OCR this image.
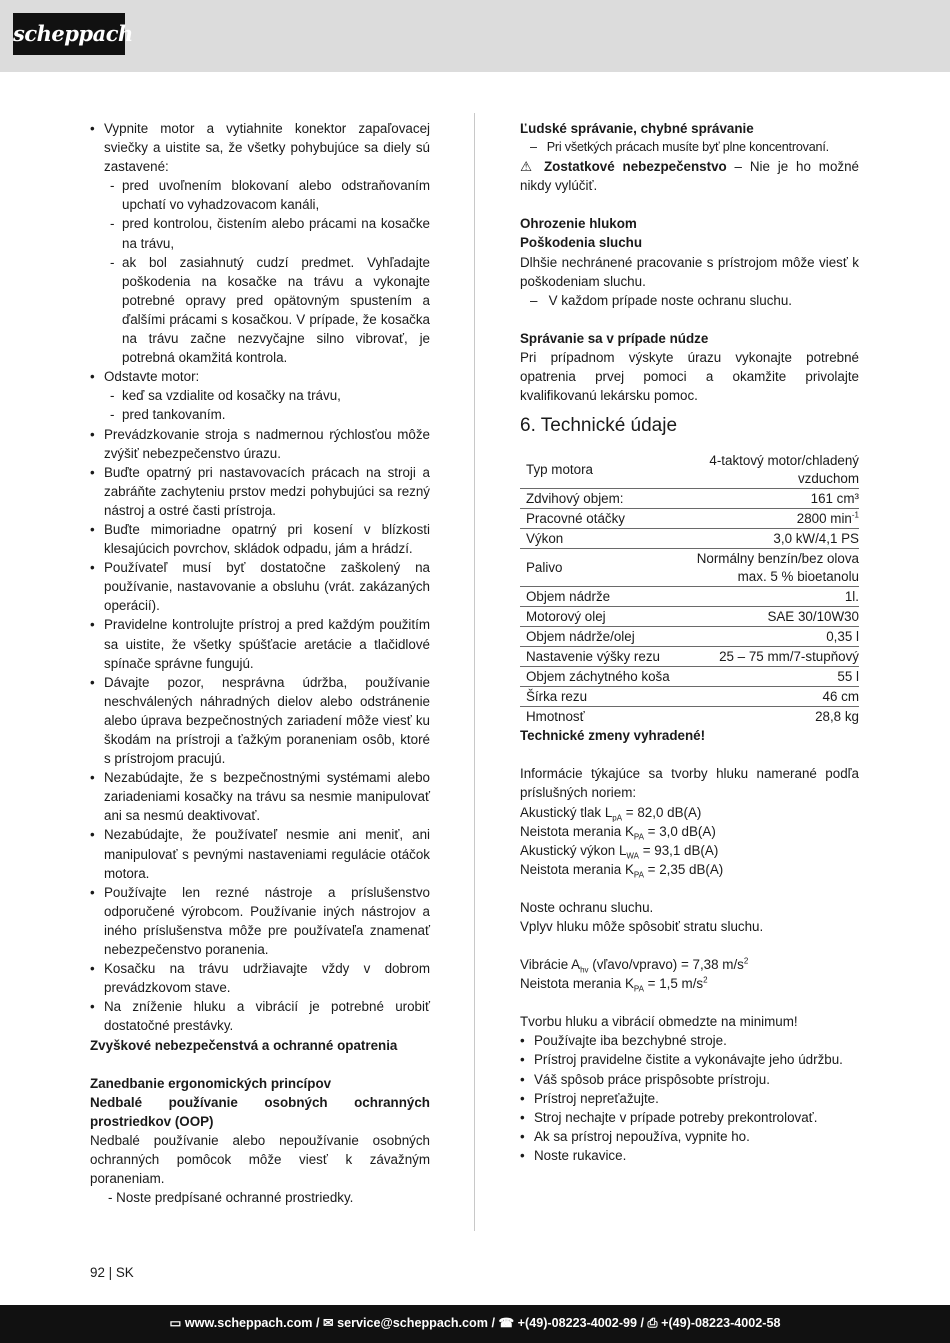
scheppach
• Vypnite motor a vytiahnite konektor zapaľovacej sviečky a uistite sa, že všetky pohybujúce sa diely sú zastavené:
- pred uvoľnením blokovaní alebo odstraňovaním upchatí vo vyhadzovacom kanáli,
- pred kontrolou, čistením alebo prácami na kosačke na trávu,
- ak bol zasiahnutý cudzí predmet. Vyhľadajte poškodenia na kosačke na trávu a vykonajte potrebné opravy pred opätovným spustením a ďalšími prácami s kosačkou. V prípade, že kosačka na trávu začne nezvyčajne silno vibrovať, je potrebná okamžitá kontrola.
• Odstavte motor:
- keď sa vzdialite od kosačky na trávu,
- pred tankovaním.
• Prevádzkovanie stroja s nadmernou rýchlosťou môže zvýšiť nebezpečenstvo úrazu.
• Buďte opatrný pri nastavovacích prácach na stroji a zabráňte zachyteniu prstov medzi pohybujúci sa rezný nástroj a ostré časti prístroja.
• Buďte mimoriadne opatrný pri kosení v blízkosti klesajúcich povrchov, skládok odpadu, jám a hrádzí.
• Používateľ musí byť dostatočne zaškolený na používanie, nastavovanie a obsluhu (vrát. zakázaných operácií).
• Pravidelne kontrolujte prístroj a pred každým použitím sa uistite, že všetky spúšťacie aretácie a tlačidlové spínače správne fungujú.
• Dávajte pozor, nesprávna údržba, používanie neschválených náhradných dielov alebo odstránenie alebo úprava bezpečnostných zariadení môže viesť ku škodám na prístroji a ťažkým poraneniam osôb, ktoré s prístrojom pracujú.
• Nezabúdajte, že s bezpečnostnými systémami alebo zariadeniami kosačky na trávu sa nesmie manipulovať ani sa nesmú deaktivovať.
• Nezabúdajte, že používateľ nesmie ani meniť, ani manipulovať s pevnými nastaveniami regulácie otáčok motora.
• Používajte len rezné nástroje a príslušenstvo odporučené výrobcom. Používanie iných nástrojov a iného príslušenstva môže pre používateľa znamenať nebezpečenstvo poranenia.
• Kosačku na trávu udržiavajte vždy v dobrom prevádzkovom stave.
• Na zníženie hluku a vibrácií je potrebné urobiť dostatočné prestávky.

Zvyškové nebezpečenstvá a ochranné opatrenia

Zanedbanie ergonomických princípov

Nedbalé používanie osobných ochranných prostriedkov (OOP)

Nedbalé používanie alebo nepoužívanie osobných ochranných pomôcok môže viesť k závažným poraneniam.

- Noste predpísané ochranné prostriedky.

Ľudské správanie, chybné správanie

–   Pri všetkých prácach musíte byť plne koncentrovaní.

⚠ Zostatkové nebezpečenstvo – Nie je ho možné nikdy vylúčiť.

Ohrozenie hlukom

Poškodenia sluchu

Dlhšie nechránené pracovanie s prístrojom môže viesť k poškodeniam sluchu.

–   V každom prípade noste ochranu sluchu.

Správanie sa v prípade núdze

Pri prípadnom výskyte úrazu vykonajte potrebné opatrenia prvej pomoci a okamžite privolajte kvalifikovanú lekársku pomoc.

6. Technické údaje
Typ motora	4-taktový motor/chladený vzduchom
Zdvihový objem:	161 cm³
Pracovné otáčky	2800 $\min^{-1}$
Výkon	3,0 kW/4,1 PS
Palivo	Normálny benzín/bez olova max. 5 % bioetanolu
Objem nádrže	1l.
Motorový olej	SAE 30/10W30
Objem nádrže/olej	0,35 l
Nastavenie výšky rezu	25 – 75 mm/7-stupňový
Objem záchytného koša	55 l
Šírka rezu	46 cm
Hmotnosť	28,8 kg

Technické zmeny vyhradené!

Informácie týkajúce sa tvorby hluku namerané podľa príslušných noriem:

Akustický tlak $L_{pA} = 82,0$ dB(A)

Neistota merania $K_{PA} = 3,0$ dB(A)

Akustický výkon $L_{WA} = 93,1$ dB(A)

Neistota merania $K_{PA} = 2,35$ dB(A)

Noste ochranu sluchu.

Vplyv hluku môže spôsobiť stratu sluchu.

Vibrácie $A_{hv}$ (vľavo/vpravo) = 7,38 $m/s^2$

Neistota merania $K_{PA} = 1,5$ $m/s^2$

Tvorbu hluku a vibrácií obmedzte na minimum!

• Používajte iba bezchybné stroje.
• Prístroj pravidelne čistite a vykonávajte jeho údržbu.
• Váš spôsob práce prispôsobte prístroju.
• Prístroj nepreťažujte.
• Stroj nechajte v prípade potreby prekontrolovať.
• Ak sa prístroj nepoužíva, vypnite ho.
• Noste rukavice.
92 | SK
▭ www.scheppach.com / ✉ service@scheppach.com / ☎ +(49)-08223-4002-99 / ⎙ +(49)-08223-4002-58
